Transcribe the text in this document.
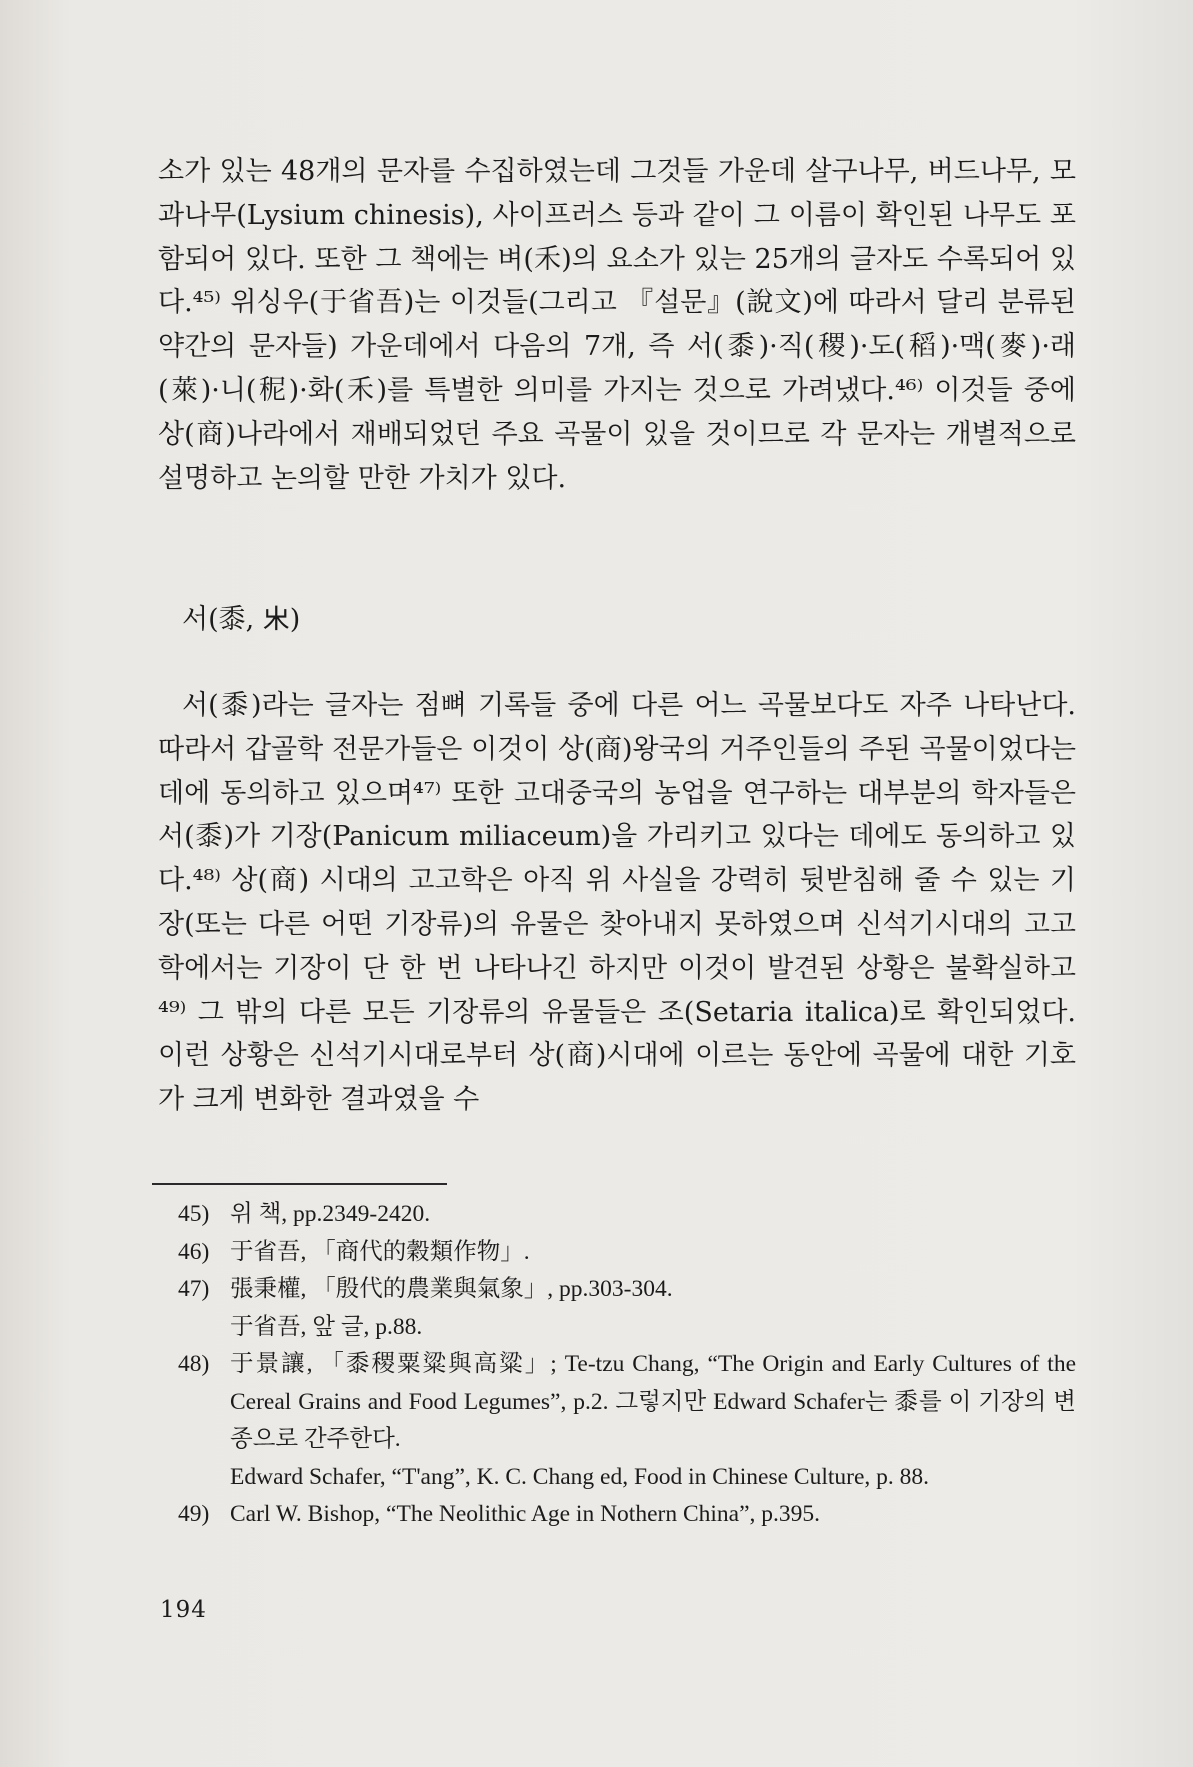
소가 있는 48개의 문자를 수집하였는데 그것들 가운데 살구나무, 버드나무, 모과나무(Lysium chinesis), 사이프러스 등과 같이 그 이름이 확인된 나무도 포함되어 있다. 또한 그 책에는 벼(禾)의 요소가 있는 25개의 글자도 수록되어 있다.⁴⁵⁾ 위싱우(于省吾)는 이것들(그리고 『설문』(說文)에 따라서 달리 분류된 약간의 문자들) 가운데에서 다음의 7개, 즉 서(黍)·직(稷)·도(稻)·맥(麥)·래(萊)·니(秜)·화(禾)를 특별한 의미를 가지는 것으로 가려냈다.⁴⁶⁾ 이것들 중에 상(商)나라에서 재배되었던 주요 곡물이 있을 것이므로 각 문자는 개별적으로 설명하고 논의할 만한 가치가 있다.

서(黍, 𣎵)

서(黍)라는 글자는 점뼈 기록들 중에 다른 어느 곡물보다도 자주 나타난다. 따라서 갑골학 전문가들은 이것이 상(商)왕국의 거주인들의 주된 곡물이었다는 데에 동의하고 있으며⁴⁷⁾ 또한 고대중국의 농업을 연구하는 대부분의 학자들은 서(黍)가 기장(Panicum miliaceum)을 가리키고 있다는 데에도 동의하고 있다.⁴⁸⁾ 상(商) 시대의 고고학은 아직 위 사실을 강력히 뒷받침해 줄 수 있는 기장(또는 다른 어떤 기장류)의 유물은 찾아내지 못하였으며 신석기시대의 고고학에서는 기장이 단 한 번 나타나긴 하지만 이것이 발견된 상황은 불확실하고⁴⁹⁾ 그 밖의 다른 모든 기장류의 유물들은 조(Setaria italica)로 확인되었다. 이런 상황은 신석기시대로부터 상(商)시대에 이르는 동안에 곡물에 대한 기호가 크게 변화한 결과였을 수

45) 위 책, pp.2349-2420.
46) 于省吾, 「商代的穀類作物」.
47) 張秉權, 「殷代的農業與氣象」, pp.303-304.
于省吾, 앞 글, p.88.
48) 于景讓, 「黍稷粟粱與高粱」; Te-tzu Chang, “The Origin and Early Cultures of the Cereal Grains and Food Legumes”, p.2. 그렇지만 Edward Schafer는 黍를 이 기장의 변종으로 간주한다.
Edward Schafer, “T'ang”, K. C. Chang ed, Food in Chinese Culture, p. 88.
49) Carl W. Bishop, “The Neolithic Age in Nothern China”, p.395.
194
